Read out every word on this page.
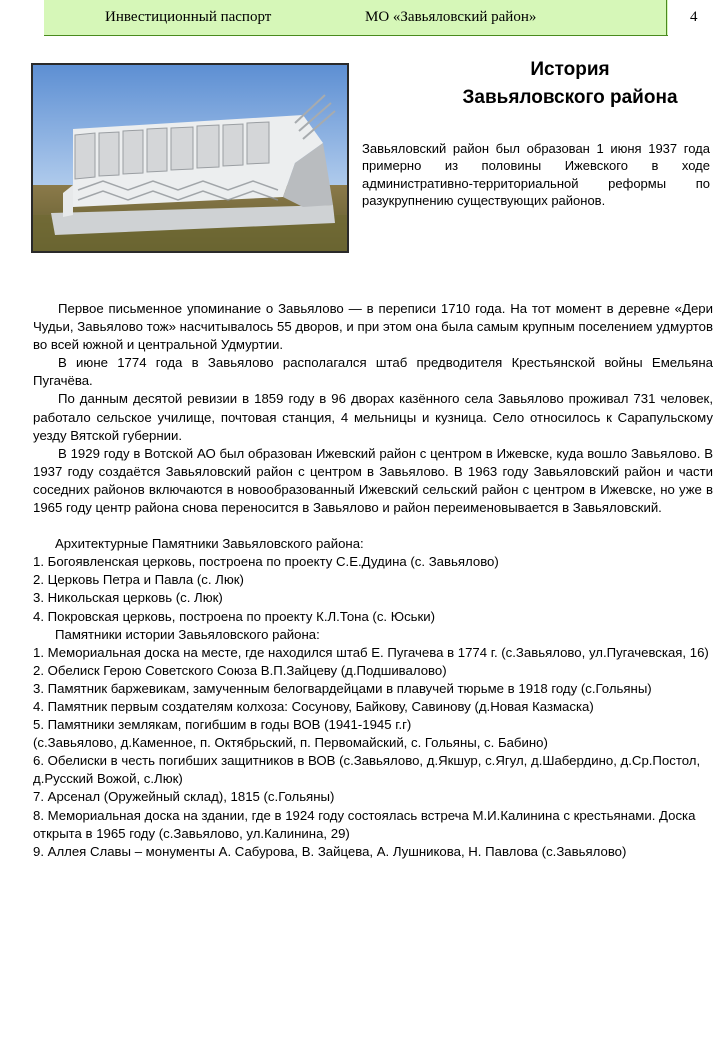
Инвестиционный паспорт	МО «Завьяловский район»	4
История
Завьяловского района

Завьяловский район был образован 1 июня 1937 года примерно из половины Ижевского в ходе административно-территориальной реформы по разукрупнению существующих районов.

Первое письменное упоминание о Завьялово — в переписи 1710 года. На тот момент в деревне «Дери Чудьи, Завьялово тож» насчитывалось 55 дворов, и при этом она была самым крупным поселением удмуртов во всей южной и центральной Удмуртии.

В июне 1774 года в Завьялово располагался штаб предводителя Крестьянской войны Емельяна Пугачёва.

По данным десятой ревизии в 1859 году в 96 дворах казённого села Завьялово проживал 731 человек, работало сельское училище, почтовая станция, 4 мельницы и кузница. Село относилось к Сарапульскому уезду Вятской губернии.

В 1929 году в Вотской АО был образован Ижевский район с центром в Ижевске, куда вошло Завьялово. В 1937 году создаётся Завьяловский район с центром в Завьялово. В 1963 году Завьяловский район и части соседних районов включаются в новообразованный Ижевский сельский район с центром в Ижевске, но уже в 1965 году центр района снова переносится в Завьялово и район переименовывается в Завьяловский.

Архитектурные Памятники Завьяловского района:

1. Богоявленская церковь, построена по проекту С.Е.Дудина (с. Завьялово)
2. Церковь Петра и Павла (с. Люк)
3. Никольская церковь (с. Люк)
4. Покровская церковь, построена по проекту К.Л.Тона (с. Юськи)

Памятники истории Завьяловского района:

1. Мемориальная доска на месте, где находился штаб Е. Пугачева в 1774 г. (с.Завьялово, ул.Пугачевская, 16)
2. Обелиск Герою Советского Союза В.П.Зайцеву (д.Подшивалово)
3. Памятник баржевикам, замученным белогвардейцами в плавучей тюрьме в 1918 году (с.Гольяны)
4. Памятник первым создателям колхоза: Сосунову, Байкову, Савинову (д.Новая Казмаска)
5. Памятники землякам, погибшим в годы ВОВ (1941-1945 г.г)
(с.Завьялово, д.Каменное, п. Октябрьский, п. Первомайский, с. Гольяны, с. Бабино)
6. Обелиски в честь погибших защитников в ВОВ (с.Завьялово, д.Якшур, с.Ягул, д.Шабердино, д.Ср.Постол, д.Русский Вожой, с.Люк)
7. Арсенал (Оружейный склад), 1815 (с.Гольяны)
8. Мемориальная доска на здании, где в 1924 году состоялась встреча М.И.Калинина с крестьянами. Доска открыта в 1965 году (с.Завьялово, ул.Калинина, 29)
9. Аллея Славы – монументы А. Сабурова, В. Зайцева, А. Лушникова, Н. Павлова (с.Завьялово)
